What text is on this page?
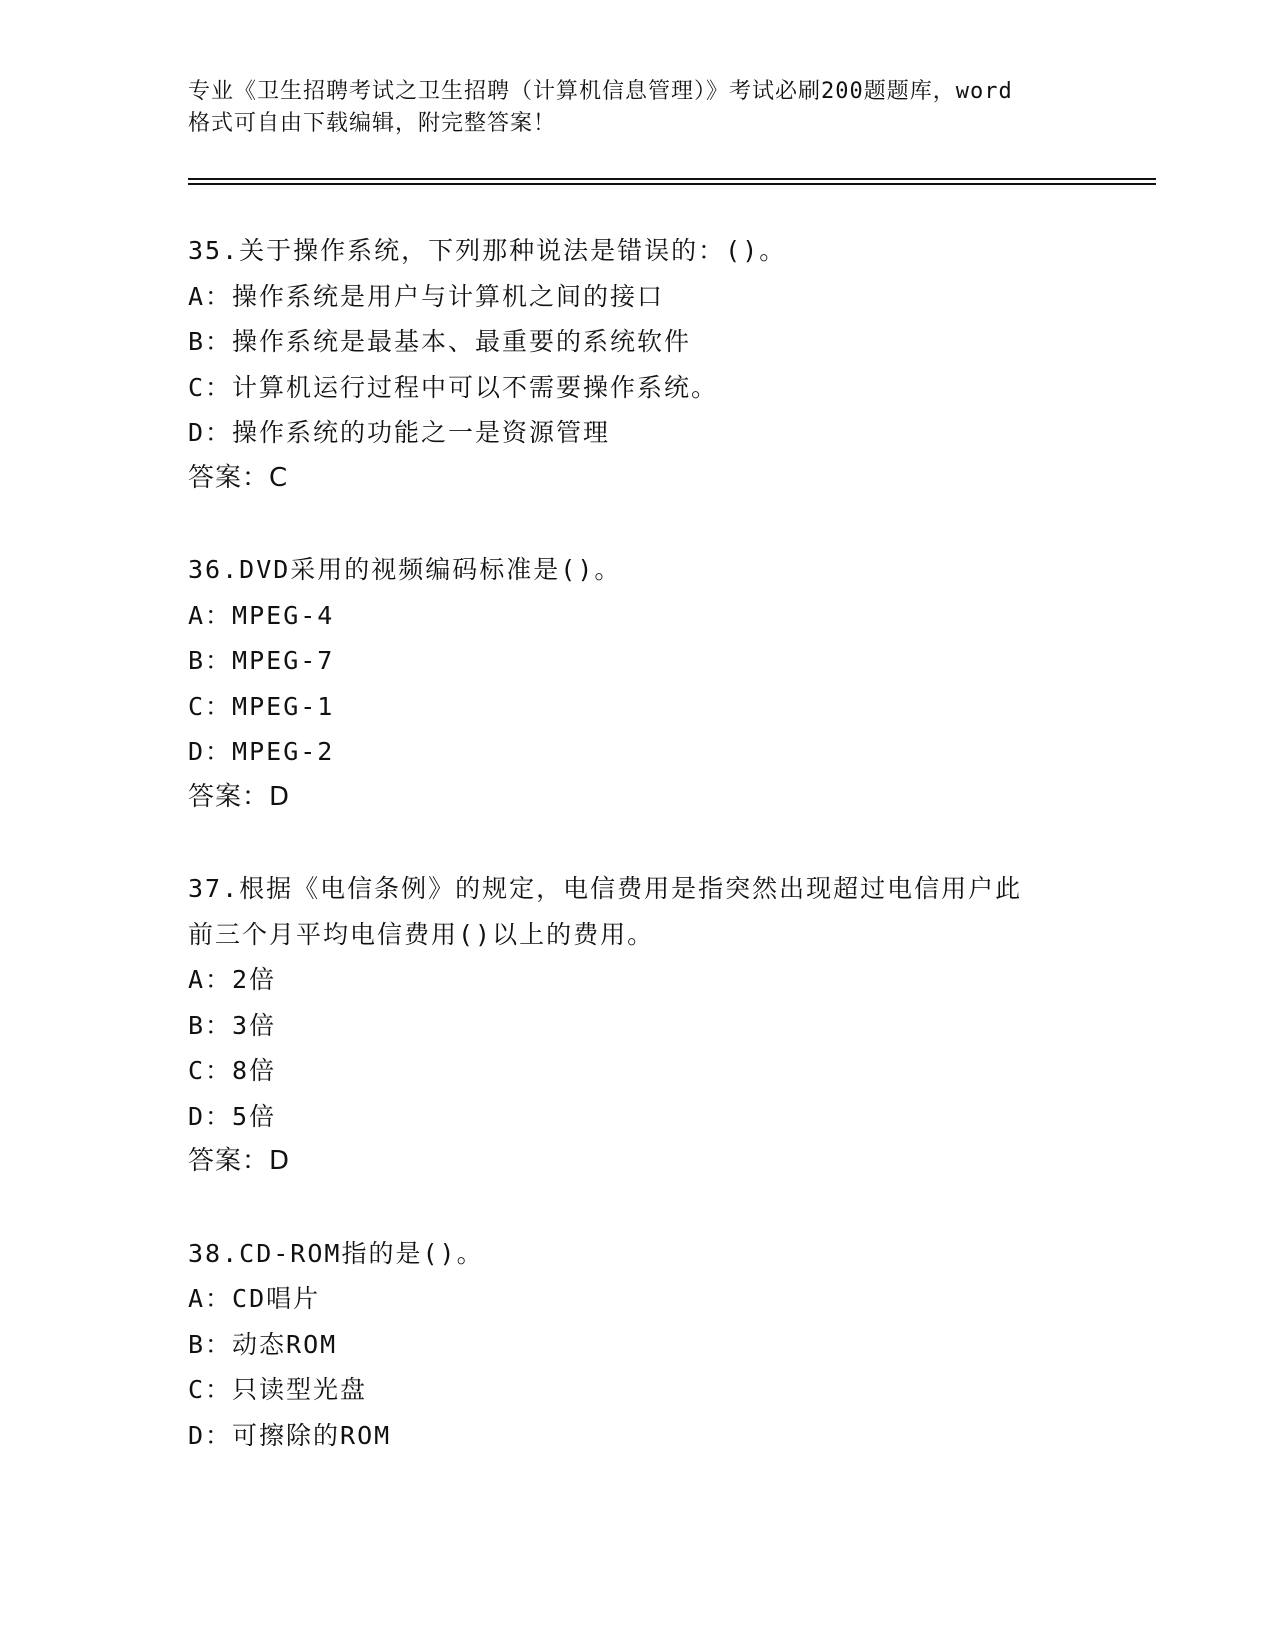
专业《卫生招聘考试之卫生招聘（计算机信息管理）》考试必刷200题题库，word
格式可自由下载编辑，附完整答案！
35.关于操作系统，下列那种说法是错误的：()。
A：操作系统是用户与计算机之间的接口
B：操作系统是最基本、最重要的系统软件
C：计算机运行过程中可以不需要操作系统。
D：操作系统的功能之一是资源管理
答案：C
36.DVD采用的视频编码标准是()。
A：MPEG-4
B：MPEG-7
C：MPEG-1
D：MPEG-2
答案：D
37.根据《电信条例》的规定，电信费用是指突然出现超过电信用户此
前三个月平均电信费用()以上的费用。
A：2倍
B：3倍
C：8倍
D：5倍
答案：D
38.CD-ROM指的是()。
A：CD唱片
B：动态ROM
C：只读型光盘
D：可擦除的ROM
